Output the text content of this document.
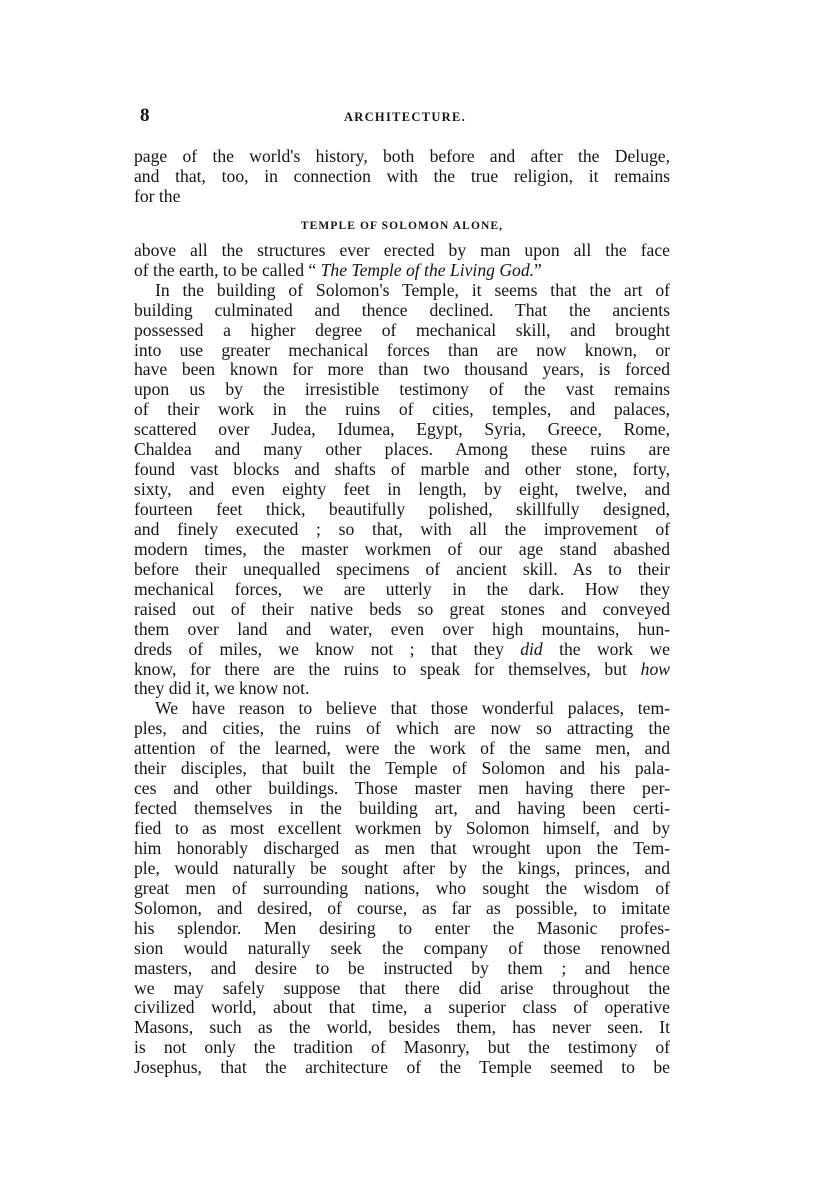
8	ARCHITECTURE.
page of the world's history, both before and after the Deluge,
and that, too, in connection with the true religion, it remains
for the
TEMPLE OF SOLOMON ALONE,
above all the structures ever erected by man upon all the face
of the earth, to be called “ The Temple of the Living God.”
In the building of Solomon's Temple, it seems that the art of
building culminated and thence declined. That the ancients
possessed a higher degree of mechanical skill, and brought
into use greater mechanical forces than are now known, or
have been known for more than two thousand years, is forced
upon us by the irresistible testimony of the vast remains
of their work in the ruins of cities, temples, and palaces,
scattered over Judea, Idumea, Egypt, Syria, Greece, Rome,
Chaldea and many other places. Among these ruins are
found vast blocks and shafts of marble and other stone, forty,
sixty, and even eighty feet in length, by eight, twelve, and
fourteen feet thick, beautifully polished, skillfully designed,
and finely executed ; so that, with all the improvement of
modern times, the master workmen of our age stand abashed
before their unequalled specimens of ancient skill. As to their
mechanical forces, we are utterly in the dark. How they
raised out of their native beds so great stones and conveyed
them over land and water, even over high mountains, hun-
dreds of miles, we know not ; that they did the work we
know, for there are the ruins to speak for themselves, but how
they did it, we know not.
We have reason to believe that those wonderful palaces, tem-
ples, and cities, the ruins of which are now so attracting the
attention of the learned, were the work of the same men, and
their disciples, that built the Temple of Solomon and his pala-
ces and other buildings. Those master men having there per-
fected themselves in the building art, and having been certi-
fied to as most excellent workmen by Solomon himself, and by
him honorably discharged as men that wrought upon the Tem-
ple, would naturally be sought after by the kings, princes, and
great men of surrounding nations, who sought the wisdom of
Solomon, and desired, of course, as far as possible, to imitate
his splendor. Men desiring to enter the Masonic profes-
sion would naturally seek the company of those renowned
masters, and desire to be instructed by them ; and hence
we may safely suppose that there did arise throughout the
civilized world, about that time, a superior class of operative
Masons, such as the world, besides them, has never seen. It
is not only the tradition of Masonry, but the testimony of
Josephus, that the architecture of the Temple seemed to be
